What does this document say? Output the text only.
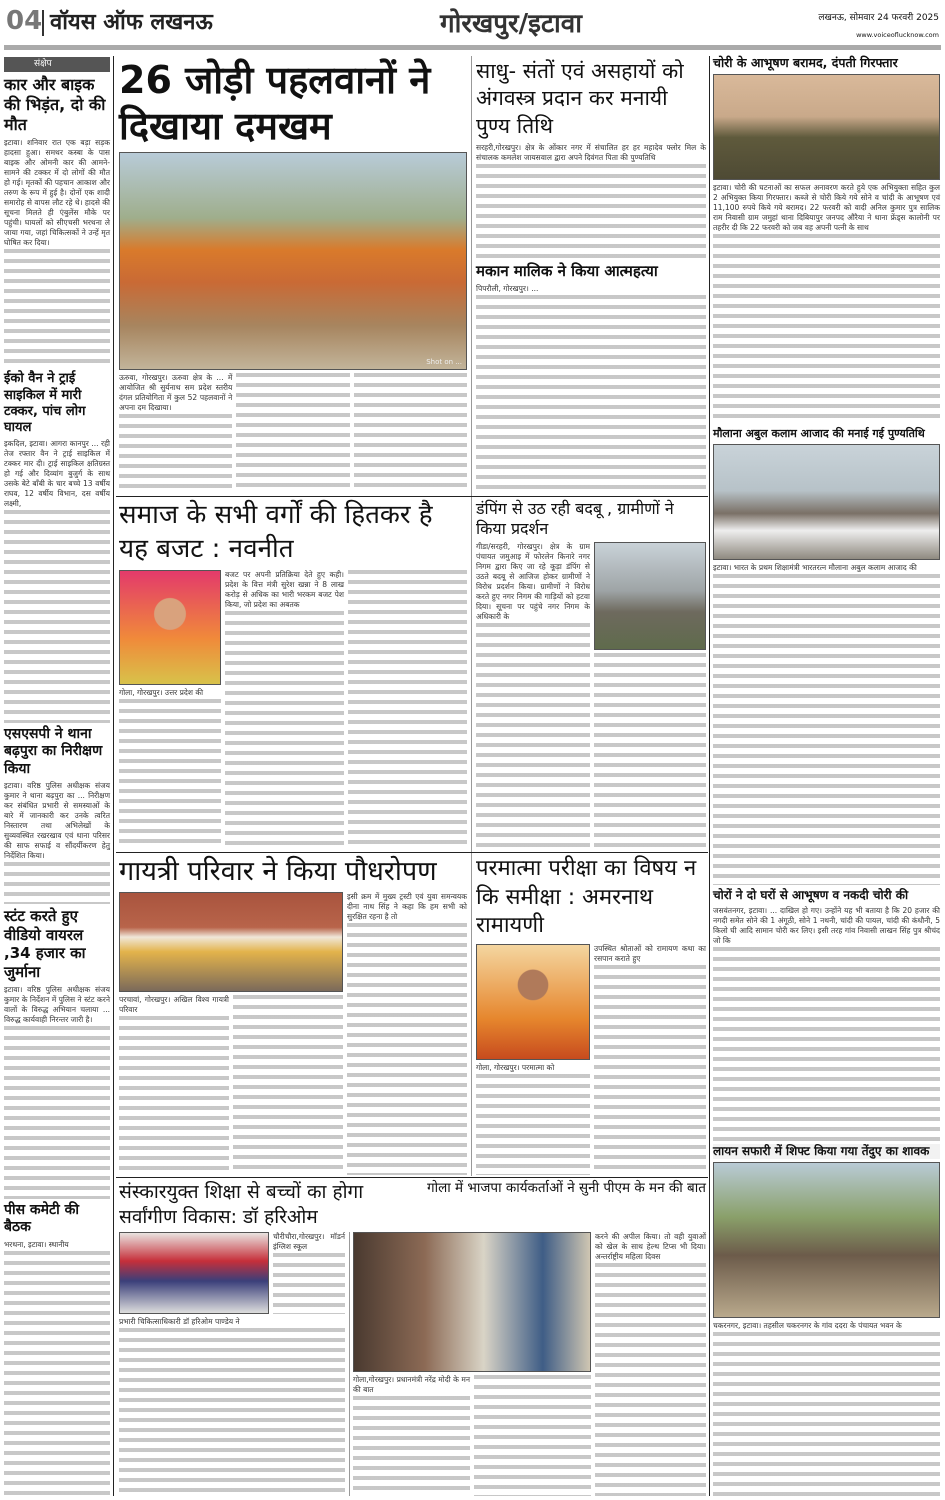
04 वॉयस ऑफ लखनऊ	गोरखपुर/इटावा	लखनऊ, सोमवार 24 फरवरी 2025
www.voiceoflucknow.com
संक्षेप
कार और बाइक की भिड़ंत, दो की मौत

इटावा। शनिवार रात एक बड़ा सड़क हादसा हुआ। समथर कस्बा के पास बाइक और ओमनी कार की आमने-सामने की टक्कर में दो लोगों की मौत हो गई। मृतकों की पहचान आकाश और तरुण के रूप में हुई है। दोनों एक शादी समारोह से वापस लौट रहे थे। हादसे की सूचना मिलते ही एंबुलेंस मौके पर पहुंची। घायलों को सीएचसी भरथना ले जाया गया, जहां चिकित्सकों ने उन्हें मृत घोषित कर दिया।

ईको वैन ने ट्राई साइकिल में मारी टक्कर, पांच लोग घायल

इकदिल, इटावा। आगरा कानपुर ... रही तेज रफ्तार वैन ने ट्राई साइकिल में टक्कर मार दी। ट्राई साइकिल क्षतिग्रस्त हो गई और दिव्यांग बुजुर्ग के साथ उसके बेटे बाँबी के चार बच्चे 13 वर्षीय राघव, 12 वर्षीय विभान, दस वर्षीय लक्ष्मी,

एसएसपी ने थाना बढ़पुरा का निरीक्षण किया

इटावा। वरिष्ठ पुलिस अधीक्षक संजय कुमार ने थाना बढ़पुरा का ... निरीक्षण कर संबंधित प्रभारी से समस्याओं के बारे में जानकारी कर उनके त्वरित निस्तारण तथा अभिलेखों के सुव्यवस्थित रखरखाव एवं थाना परिसर की साफ सफाई व सौंदर्यीकरण हेतु निर्देशित किया।

स्टंट करते हुए वीडियो वायरल ,34 हजार का जुर्माना

इटावा। वरिष्ठ पुलिस अधीक्षक संजय कुमार के निर्देशन में पुलिस ने स्टंट करने वालों के विरुद्ध अभियान चलाया ... विरुद्ध कार्यवाही निरन्तर जारी है।

पीस कमेटी की बैठक

भरथना, इटावा। स्थानीय

26 जोड़ी पहलवानों ने दिखाया दमखम
Shot on ...

ऊरुवा, गोरखपुर। ऊरुवा क्षेत्र के ... में आयोजित श्री सुर्यनाथ सम प्रदेश स्तरीय दंगल प्रतियोगिता में कुल 52 पहलवानों ने अपना दम दिखाया।

साधु- संतों एवं असहायों को अंगवस्त्र प्रदान कर मनायी पुण्य तिथि

सरहरी,गोरखपुर। क्षेत्र के ओंकार नगर में संचालित हर हर महादेव फ्लोर मिल के संचालक कमलेश जायसवाल द्वारा अपने दिवंगत पिता की पुण्यतिथि

मकान मालिक ने किया आत्महत्या

पिपरौली, गोरखपुर। ...

समाज के सभी वर्गों की हितकर है यह बजट : नवनीत

गोला, गोरखपुर। उत्तर प्रदेश की

बजट पर अपनी प्रतिक्रिया देते हुए कही। प्रदेश के वित्त मंत्री सुरेश खन्ना ने 8 लाख करोड़ से अधिक का भारी भरकम बजट पेश किया, जो प्रदेश का अबतक

डंपिंग से उठ रही बदबू , ग्रामीणों ने किया प्रदर्शन

गीडा/सरहरी, गोरखपुर। क्षेत्र के ग्राम पंचायत जमुआइ में फोरलेन किनारे नगर निगम द्वारा किए जा रहे कूड़ा डंपिंग से उठते बदबू से आजिज होकर ग्रामीणों ने विरोध प्रदर्शन किया। ग्रामीणों ने विरोध करते हुए नगर निगम की गाड़ियों को हटवा दिया। सूचना पर पहुंचे नगर निगम के अधिकारी के

गायत्री परिवार ने किया पौधरोपण

परचावां, गोरखपुर। अखिल विश्व गायत्री परिवार

इसी क्रम में मुख्य ट्रस्टी एवं युवा समन्वयक दीना नाथ सिंह ने कहा कि हम सभी को सुरक्षित रहना है तो

परमात्मा परीक्षा का विषय न कि समीक्षा : अमरनाथ रामायणी

गोला, गोरखपुर। परमात्मा को

उपस्थित श्रोताओं को रामायण कथा का रसपान कराते हुए

संस्कारयुक्त शिक्षा से बच्चों का होगा सर्वांगीण विकास: डॉ हरिओम
गोला में भाजपा कार्यकर्ताओं ने सुनी पीएम के मन की बात

चौरीचौरा,गोरखपुर। मॉडर्न इंग्लिश स्कूल

प्रभारी चिकित्साधिकारी डॉ हरिओम पाण्डेय ने

गोला,गोरखपुर। प्रधानमंत्री नरेंद्र मोदी के मन की बात

करने की अपील किया। तो वही युवाओं को खेल के साथ हेल्थ टिप्स भी दिया। अन्तर्राष्ट्रीय महिला दिवस

चोरी के आभूषण बरामद, दंपती गिरफ्तार

इटावा। चोरी की घटनाओं का सफल अनावरण करते हुये एक अभियुक्ता सहित कुल 2 अभियुक्त किया गिरफ्तार। कब्जे से चोरी किये गये सोने व चांदी के आभूषण एवं 11,100 रुपये किये गये बरामद। 22 फरवरी को वादी अनिल कुमार पुत्र सालिक राम निवासी ग्राम जमुहां थाना दिबियापुर जनपद औरैया ने थाना फ्रेंड्स कालोनी पर तहरीर दी कि 22 फरवरी को जब वह अपनी पत्नी के साथ

मौलाना अबुल कलाम आजाद की मनाई गई पुण्यतिथि

इटावा। भारत के प्रथम शिक्षामंत्री भारतरत्न मौलाना अबुल कलाम आजाद की

चोरों ने दो घरों से आभूषण व नकदी चोरी की

जसवंतनगर, इटावा। ... दाखिल हो गए। उन्होंने यह भी बताया है कि 20 हजार की नगदी समेत सोने की 1 अंगूठी, सोने 1 नथनी, चांदी की पायल, चांदी की कंधौनी, 5 किलो घी आदि सामान चोरी कर लिए। इसी तरह गांव निवासी लाखन सिंह पुत्र श्रीचंद जो कि

लायन सफारी में शिफ्ट किया गया तेंदुए का शावक

चकरनगर, इटावा। तहसील चकरनगर के गांव ददरा के पंचायत भवन के
